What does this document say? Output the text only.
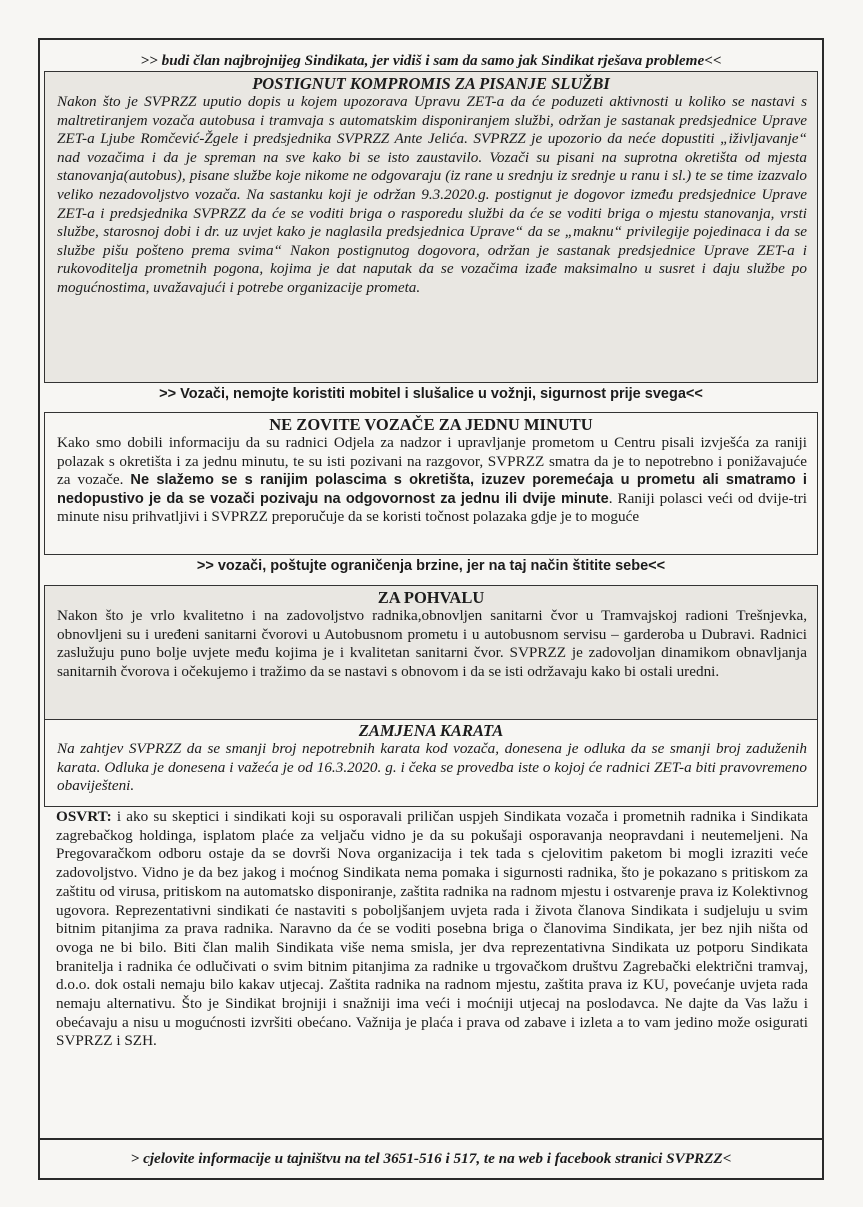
>> budi član najbrojnijeg Sindikata, jer vidiš i sam da samo jak Sindikat rješava probleme<<
POSTIGNUT KOMPROMIS ZA PISANJE SLUŽBI

Nakon što je SVPRZZ uputio dopis u kojem upozorava Upravu ZET-a da će poduzeti aktivnosti u koliko se nastavi s maltretiranjem vozača autobusa i tramvaja s automatskim disponiranjem službi, održan je sastanak predsjednice Uprave ZET-a Ljube Romčević-Žgele i predsjednika SVPRZZ Ante Jelića. SVPRZZ je upozorio da neće dopustiti „iživljavanje“ nad vozačima i da je spreman na sve kako bi se isto zaustavilo. Vozači su pisani na suprotna okretišta od mjesta stanovanja(autobus), pisane službe koje nikome ne odgovaraju (iz rane u srednju iz srednje u ranu i sl.) te se time izazvalo veliko nezadovoljstvo vozača. Na sastanku koji je održan 9.3.2020.g. postignut je dogovor između predsjednice Uprave ZET-a i predsjednika SVPRZZ da će se voditi briga o rasporedu službi da će se voditi briga o mjestu stanovanja, vrsti službe, starosnoj dobi i dr. uz uvjet kako je naglasila predsjednica Uprave“ da se „maknu“ privilegije pojedinaca i da se službe pišu pošteno prema svima“ Nakon postignutog dogovora, održan je sastanak predsjednice Uprave ZET-a i rukovoditelja prometnih pogona, kojima je dat naputak da se vozačima izađe maksimalno u susret i daju službe po mogućnostima, uvažavajući i potrebe organizacije prometa.

>> Vozači, nemojte koristiti mobitel i slušalice u vožnji, sigurnost prije svega<<
NE ZOVITE VOZAČE ZA JEDNU MINUTU

Kako smo dobili informaciju da su radnici Odjela za nadzor i upravljanje prometom u Centru pisali izvješća za raniji polazak s okretišta i za jednu minutu, te su isti pozivani na razgovor, SVPRZZ smatra da je to nepotrebno i ponižavajuće za vozače. Ne slažemo se s ranijim polascima s okretišta, izuzev poremećaja u prometu ali smatramo i nedopustivo je da se vozači pozivaju na odgovornost za jednu ili dvije minute. Raniji polasci veći od dvije-tri minute nisu prihvatljivi i SVPRZZ preporučuje da se koristi točnost polazaka gdje je to moguće

>> vozači, poštujte ograničenja brzine, jer na taj način štitite sebe<<
ZA POHVALU

Nakon što je vrlo kvalitetno i na zadovoljstvo radnika,obnovljen sanitarni čvor u Tramvajskoj radioni Trešnjevka, obnovljeni su i uređeni sanitarni čvorovi u Autobusnom prometu i u autobusnom servisu – garderoba u Dubravi. Radnici zaslužuju puno bolje uvjete među kojima je i kvalitetan sanitarni čvor. SVPRZZ je zadovoljan dinamikom obnavljanja sanitarnih čvorova i očekujemo i tražimo da se nastavi s obnovom i da se isti održavaju kako bi ostali uredni.

ZAMJENA KARATA

Na zahtjev SVPRZZ da se smanji broj nepotrebnih karata kod vozača, donesena je odluka da se smanji broj zaduženih karata. Odluka je donesena i važeća je od 16.3.2020. g. i čeka se provedba iste o kojoj će radnici ZET-a biti pravovremeno obaviješteni.

OSVRT: i ako su skeptici i sindikati koji su osporavali priličan uspjeh Sindikata vozača i prometnih radnika i Sindikata zagrebačkog holdinga, isplatom plaće za veljaču vidno je da su pokušaji osporavanja neopravdani i neutemeljeni. Na Pregovaračkom odboru ostaje da se dovrši Nova organizacija i tek tada s cjelovitim paketom bi mogli izraziti veće zadovoljstvo. Vidno je da bez jakog i moćnog Sindikata nema pomaka i sigurnosti radnika, što je pokazano s pritiskom za zaštitu od virusa, pritiskom na automatsko disponiranje, zaštita radnika na radnom mjestu i ostvarenje prava iz Kolektivnog ugovora. Reprezentativni sindikati će nastaviti s poboljšanjem uvjeta rada i života članova Sindikata i sudjeluju u svim bitnim pitanjima za prava radnika. Naravno da će se voditi posebna briga o članovima Sindikata, jer bez njih ništa od ovoga ne bi bilo. Biti član malih Sindikata više nema smisla, jer dva reprezentativna Sindikata uz potporu Sindikata branitelja i radnika će odlučivati o svim bitnim pitanjima za radnike u trgovačkom društvu Zagrebački električni tramvaj, d.o.o. dok ostali nemaju bilo kakav utjecaj. Zaštita radnika na radnom mjestu, zaštita prava iz KU, povećanje uvjeta rada nemaju alternativu. Što je Sindikat brojniji i snažniji ima veći i moćniji utjecaj na poslodavca. Ne dajte da Vas lažu i obećavaju a nisu u mogućnosti izvršiti obećano. Važnija je plaća i prava od zabave i izleta a to vam jedino može osigurati SVPRZZ i SZH.

> cjelovite informacije u tajništvu na tel 3651-516 i 517, te na web i facebook stranici SVPRZZ<
